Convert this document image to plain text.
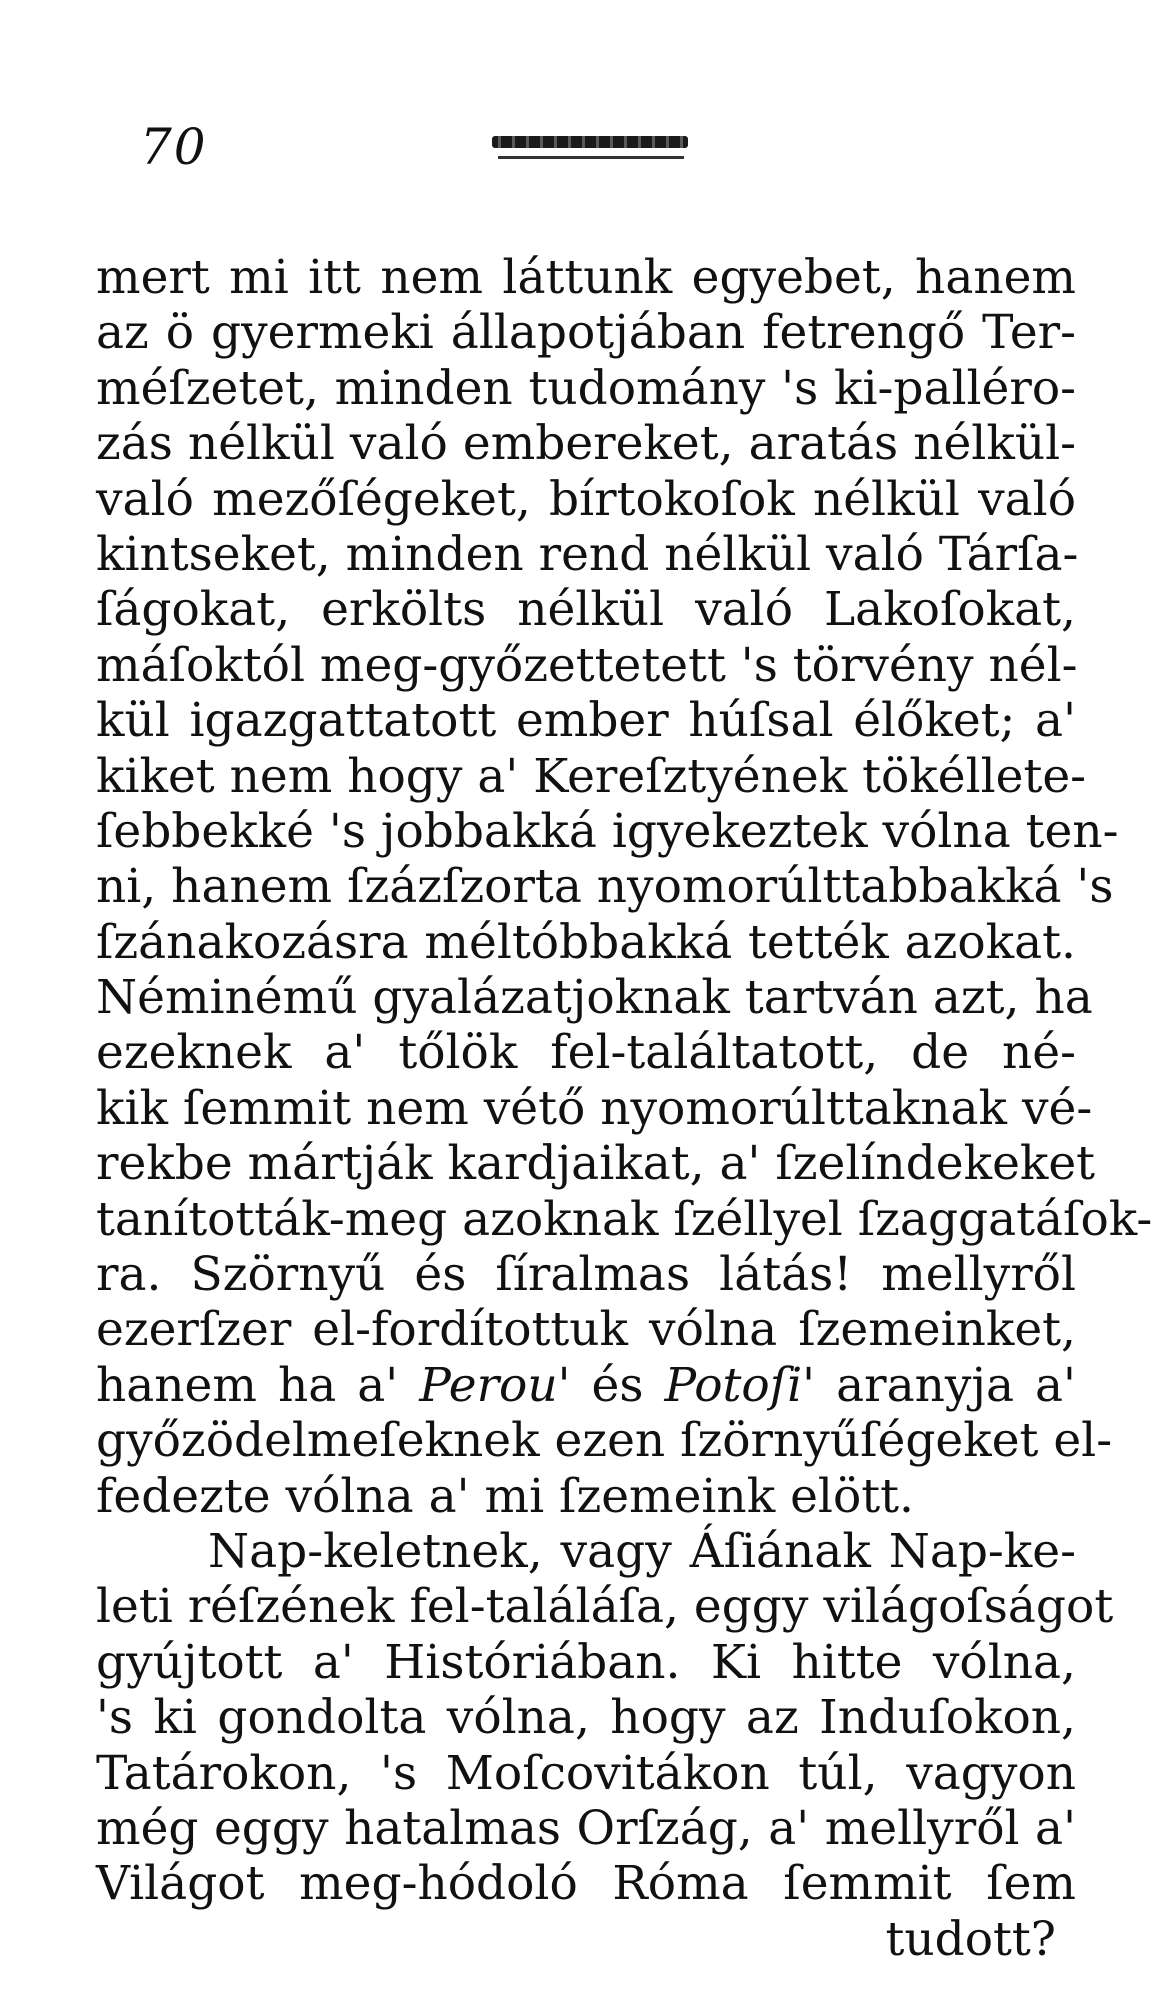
70
mert mi itt nem láttunk egyebet, hanem
az ö gyermeki állapotjában fetrengő Ter-
méſzetet, minden tudomány 's ki-palléro-
zás nélkül való embereket, aratás nélkül-
való mezőſégeket, bírtokoſok nélkül való
kintseket, minden rend nélkül való Tárſa-
ſágokat, erkölts nélkül való Lakoſokat,
máſoktól meg-győzettetett 's törvény nél-
kül igazgattatott ember húſsal élőket; a'
kiket nem hogy a' Kereſztyének tökéllete-
ſebbekké 's jobbakká igyekeztek vólna ten-
ni, hanem ſzázſzorta nyomorúlttabbakká 's
ſzánakozásra méltóbbakká tették azokat.
Néminémű gyalázatjoknak tartván azt, ha
ezeknek a' tőlök fel-találtatott, de né-
kik ſemmit nem vétő nyomorúlttaknak vé-
rekbe mártják kardjaikat, a' ſzelíndekeket
tanították-meg azoknak ſzéllyel ſzaggatáſok-
ra. Szörnyű és ſíralmas látás! mellyről
ezerſzer el-fordítottuk vólna ſzemeinket,
hanem ha a' Perou' és Potoſi' aranyja a'
győzödelmeſeknek ezen ſzörnyűſégeket el-
fedezte vólna a' mi ſzemeink elött.
Nap-keletnek, vagy Áſiának Nap-ke-
leti réſzének fel-találáſa, eggy világoſságot
gyújtott a' Históriában. Ki hitte vólna,
's ki gondolta vólna, hogy az Induſokon,
Tatárokon, 's Moſcovitákon túl, vagyon
még eggy hatalmas Orſzág, a' mellyről a'
Világot meg-hódoló Róma ſemmit ſem
tudott?
